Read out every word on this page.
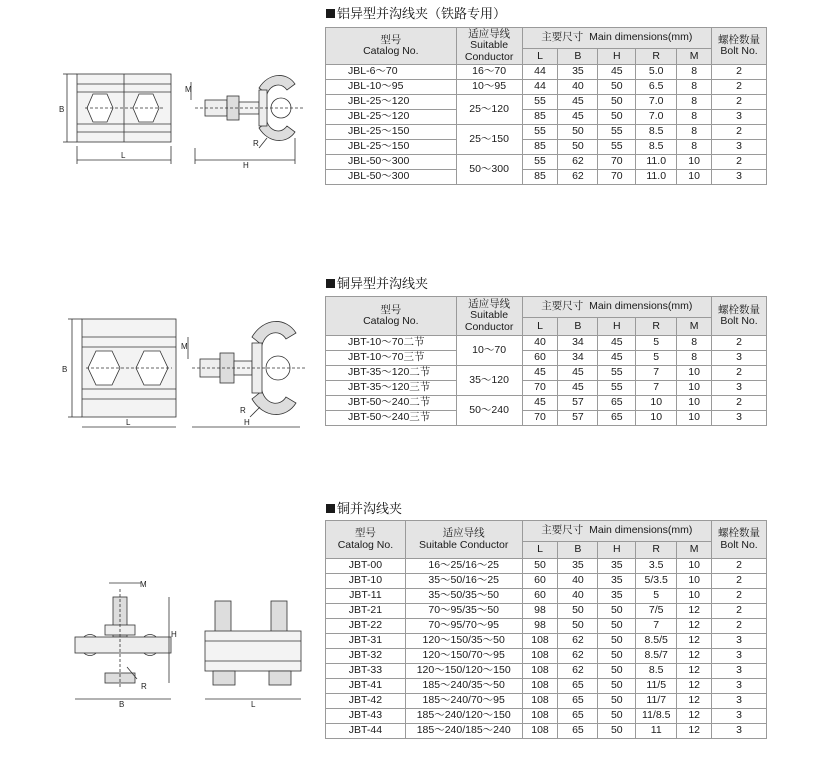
铝异型并沟线夹（铁路专用）
型号
Catalog No.	适应导线
Suitable
Conductor	主要尺寸 Main dimensions(mm)					螺栓数量
Bolt No.

		L	B	H	R	M	
JBL-6～70	16～70	44	35	45	5.0	8	2
JBL-10～95	10～95	44	40	50	6.5	8	2
JBL-25～120	25～120	55	45	50	7.0	8	2
JBL-25～120		85	45	50	7.0	8	3
JBL-25～150	25～150	55	50	55	8.5	8	2
JBL-25～150		85	50	55	8.5	8	3
JBL-50～300	50～300	55	62	70	11.0	10	2
JBL-50～300		85	62	70	11.0	10	3
铜异型并沟线夹
型号
Catalog No.	适应导线
Suitable
Conductor	主要尺寸 Main dimensions(mm)					螺栓数量
Bolt No.

		L	B	H	R	M	
JBT-10～70二节	10～70	40	34	45	5	8	2
JBT-10～70三节		60	34	45	5	8	3
JBT-35～120二节	35～120	45	45	55	7	10	2
JBT-35～120三节		70	45	55	7	10	3
JBT-50～240二节	50～240	45	57	65	10	10	2
JBT-50～240三节		70	57	65	10	10	3
铜并沟线夹
型号
Catalog No.	适应导线
Suitable Conductor	主要尺寸 Main dimensions(mm)					螺栓数量
Bolt No.

		L	B	H	R	M	
JBT-00	16～25/16～25	50	35	35	3.5	10	2
JBT-10	35～50/16～25	60	40	35	5/3.5	10	2
JBT-11	35～50/35～50	60	40	35	5	10	2
JBT-21	70～95/35～50	98	50	50	7/5	12	2
JBT-22	70～95/70～95	98	50	50	7	12	2
JBT-31	120～150/35～50	108	62	50	8.5/5	12	3
JBT-32	120～150/70～95	108	62	50	8.5/7	12	3
JBT-33	120～150/120～150	108	62	50	8.5	12	3
JBT-41	185～240/35～50	108	65	50	11/5	12	3
JBT-42	185～240/70～95	108	65	50	11/7	12	3
JBT-43	185～240/120～150	108	65	50	11/8.5	12	3
JBT-44	185～240/185～240	108	65	50	11	12	3
B
L
M
H
R
B
L
M
H
R
M
H
R
B	L
